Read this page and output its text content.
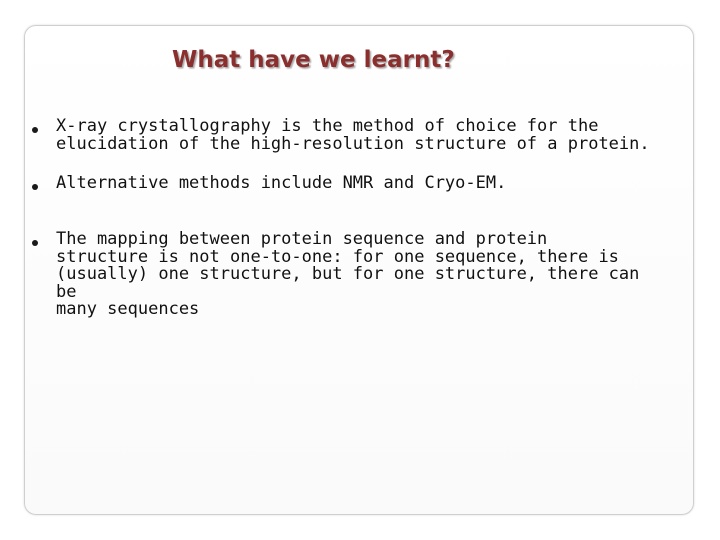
What have we learnt?
X-ray crystallography is the method of choice for the
elucidation of the high-resolution structure of a protein.
Alternative methods include NMR and Cryo-EM.
The mapping between protein sequence and protein
structure is not one-to-one: for one sequence, there is
(usually) one structure, but for one structure, there can be
many sequences
